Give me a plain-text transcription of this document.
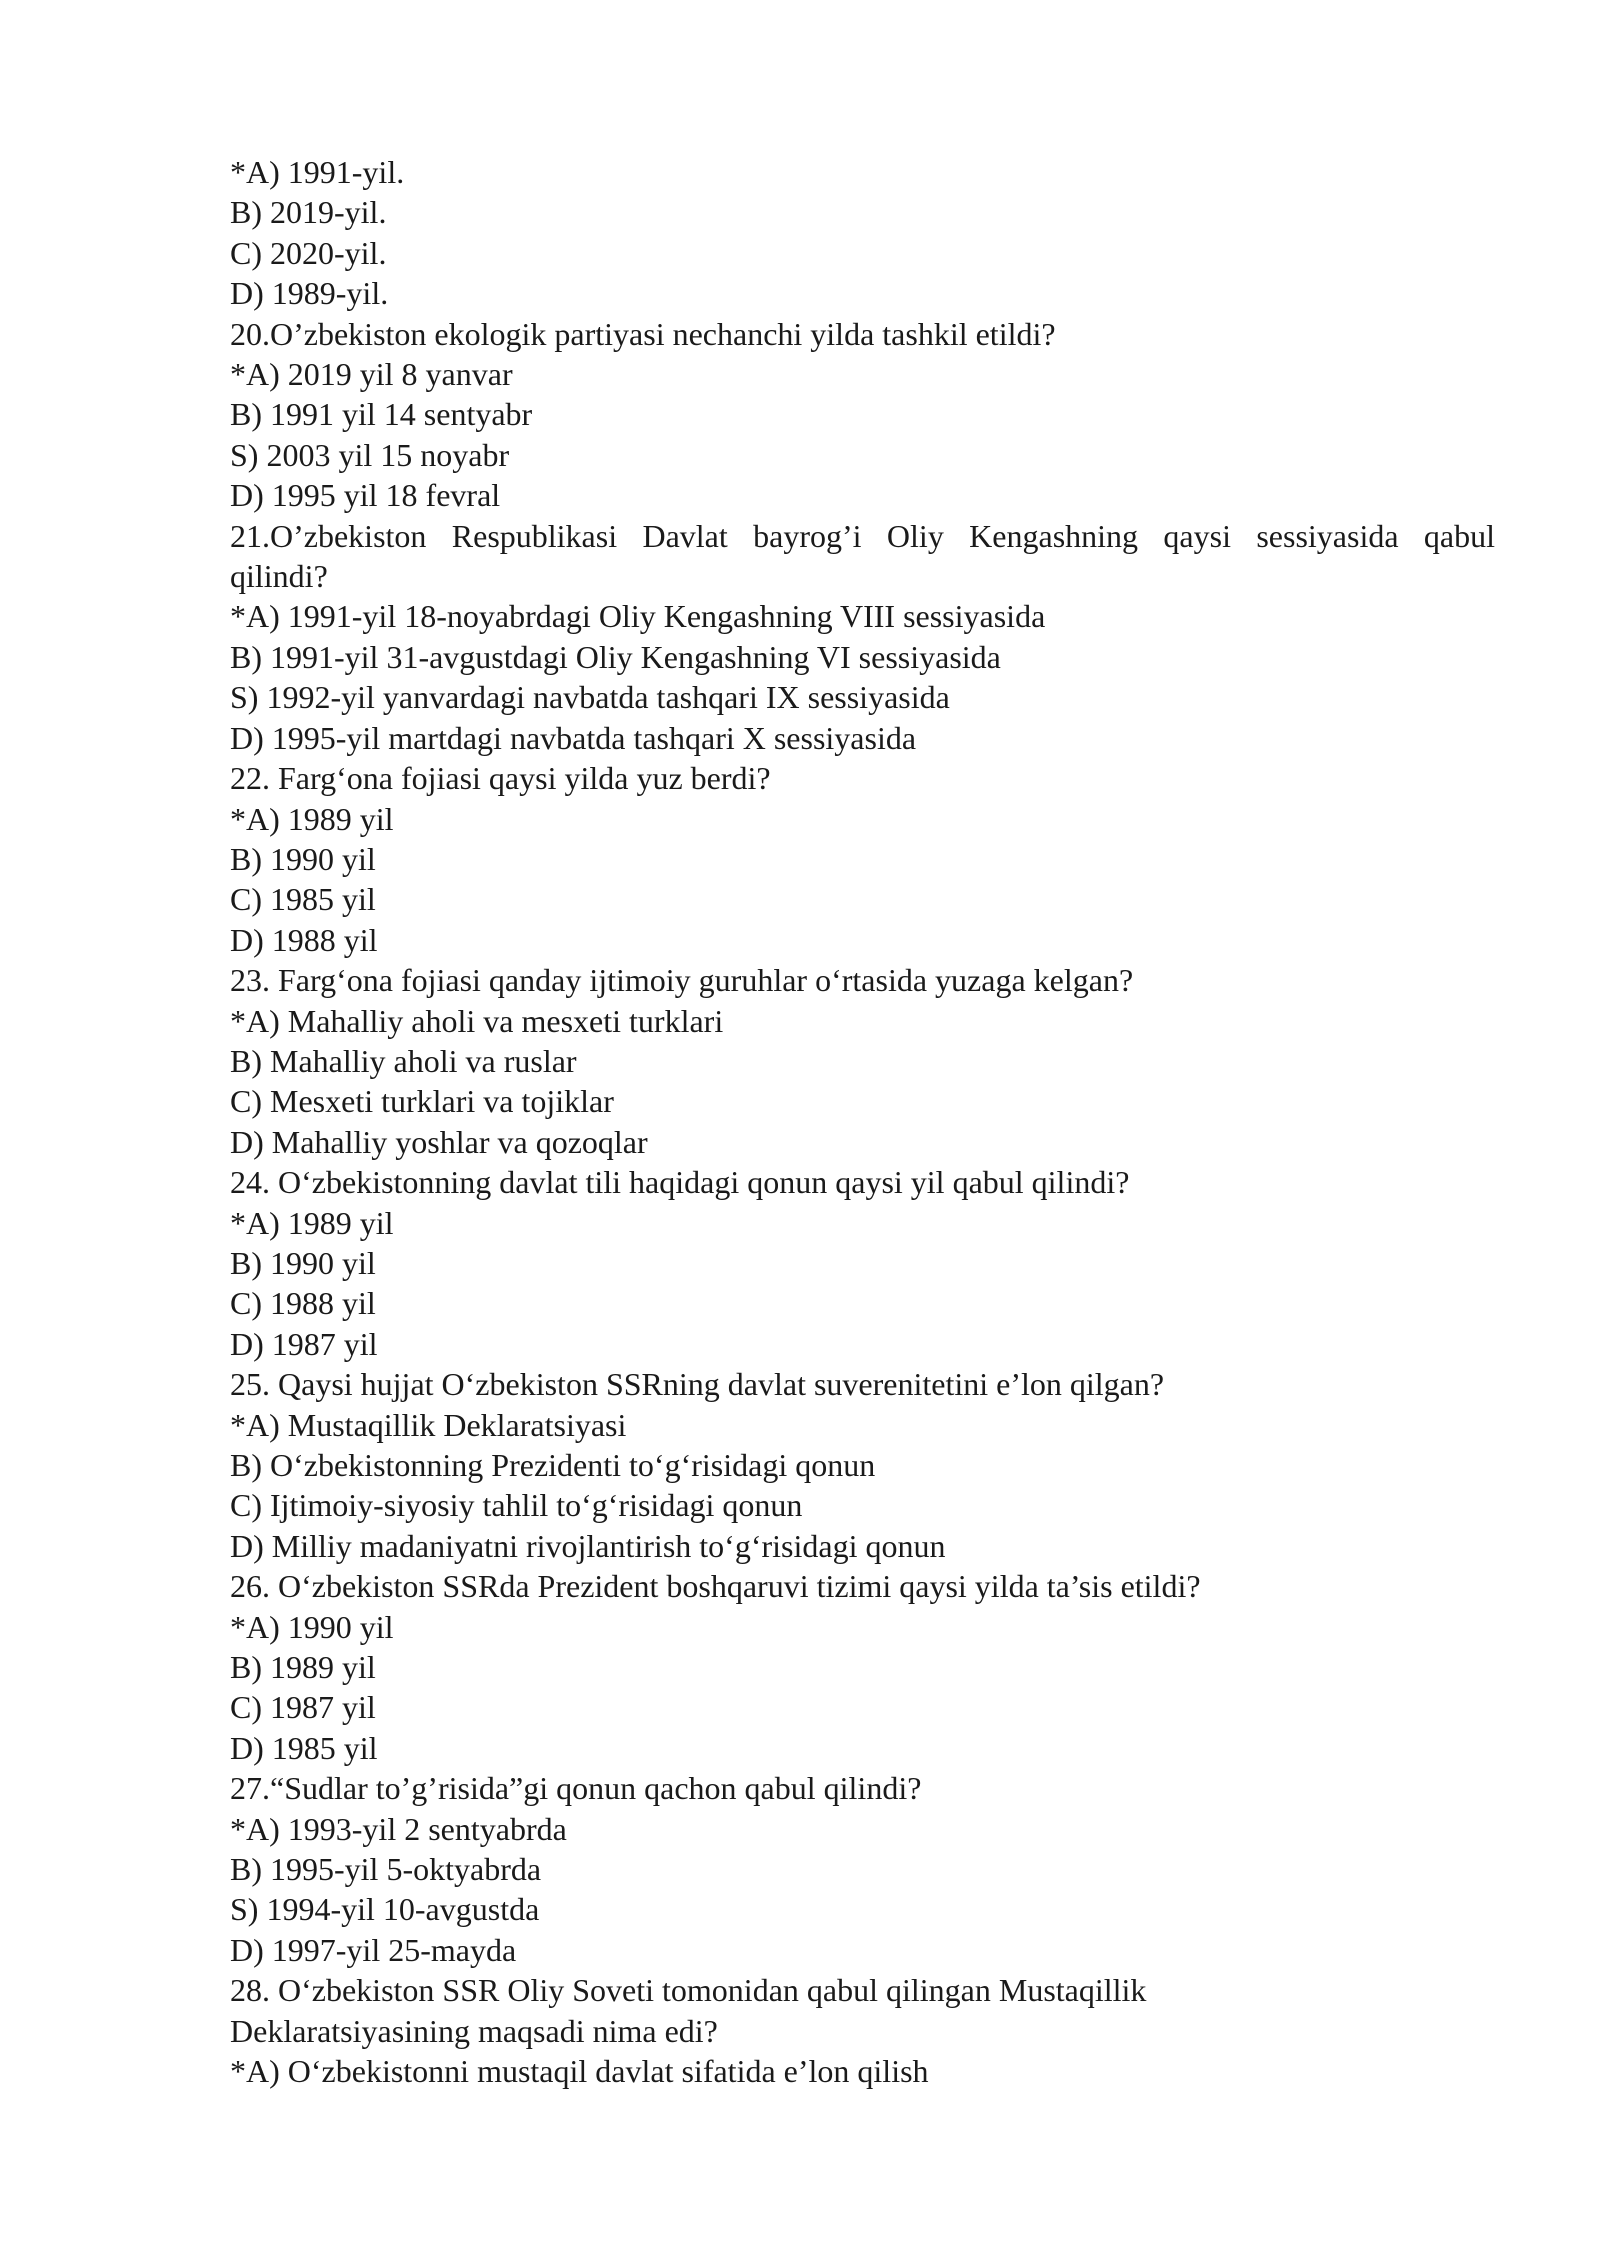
*A) 1991-yil.

B) 2019-yil.

C) 2020-yil.

D) 1989-yil.

20.O’zbekiston ekologik partiyasi nechanchi yilda tashkil etildi?

*A) 2019 yil 8 yanvar

B) 1991 yil 14 sentyabr

S) 2003 yil 15 noyabr

D) 1995 yil 18 fevral

21.O’zbekiston Respublikasi Davlat bayrog’i Oliy Kengashning qaysi sessiyasida qabul

qilindi?

*A) 1991-yil 18-noyabrdagi Oliy Kengashning VIII sessiyasida

B) 1991-yil 31-avgustdagi Oliy Kengashning VI sessiyasida

S) 1992-yil yanvardagi navbatda tashqari IX sessiyasida

D) 1995-yil martdagi navbatda tashqari X sessiyasida

22. Farg‘ona fojiasi qaysi yilda yuz berdi?

*A) 1989 yil

B) 1990 yil

C) 1985 yil

D) 1988 yil

23. Farg‘ona fojiasi qanday ijtimoiy guruhlar o‘rtasida yuzaga kelgan?

*A) Mahalliy aholi va mesxeti turklari

B) Mahalliy aholi va ruslar

C) Mesxeti turklari va tojiklar

D) Mahalliy yoshlar va qozoqlar

24. O‘zbekistonning davlat tili haqidagi qonun qaysi yil qabul qilindi?

*A) 1989 yil

B) 1990 yil

C) 1988 yil

D) 1987 yil

25. Qaysi hujjat O‘zbekiston SSRning davlat suverenitetini e’lon qilgan?

*A) Mustaqillik Deklaratsiyasi

B) O‘zbekistonning Prezidenti to‘g‘risidagi qonun

C) Ijtimoiy-siyosiy tahlil to‘g‘risidagi qonun

D) Milliy madaniyatni rivojlantirish to‘g‘risidagi qonun

26. O‘zbekiston SSRda Prezident boshqaruvi tizimi qaysi yilda ta’sis etildi?

*A) 1990 yil

B) 1989 yil

C) 1987 yil

D) 1985 yil

27.“Sudlar to’g’risida”gi qonun qachon qabul qilindi?

*A) 1993-yil 2 sentyabrda

B) 1995-yil 5-oktyabrda

S) 1994-yil 10-avgustda

D) 1997-yil 25-mayda

28. O‘zbekiston SSR Oliy Soveti tomonidan qabul qilingan Mustaqillik

Deklaratsiyasining maqsadi nima edi?

*A) O‘zbekistonni mustaqil davlat sifatida e’lon qilish
